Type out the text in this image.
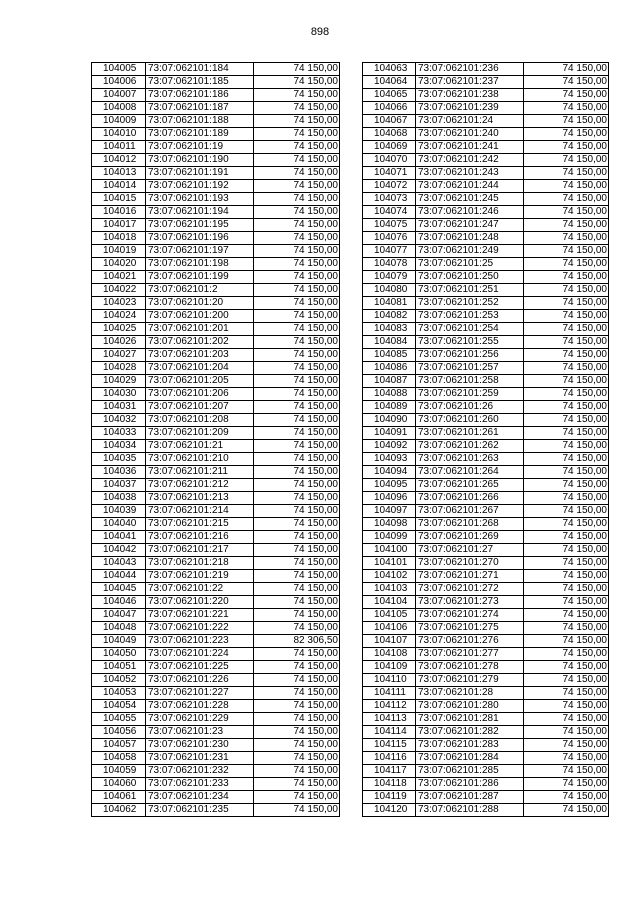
898
104005	73:07:062101:184	74 150,00
104006	73:07:062101:185	74 150,00
104007	73:07:062101:186	74 150,00
104008	73:07:062101:187	74 150,00
104009	73:07:062101:188	74 150,00
104010	73:07:062101:189	74 150,00
104011	73:07:062101:19	74 150,00
104012	73:07:062101:190	74 150,00
104013	73:07:062101:191	74 150,00
104014	73:07:062101:192	74 150,00
104015	73:07:062101:193	74 150,00
104016	73:07:062101:194	74 150,00
104017	73:07:062101:195	74 150,00
104018	73:07:062101:196	74 150,00
104019	73:07:062101:197	74 150,00
104020	73:07:062101:198	74 150,00
104021	73:07:062101:199	74 150,00
104022	73:07:062101:2	74 150,00
104023	73:07:062101:20	74 150,00
104024	73:07:062101:200	74 150,00
104025	73:07:062101:201	74 150,00
104026	73:07:062101:202	74 150,00
104027	73:07:062101:203	74 150,00
104028	73:07:062101:204	74 150,00
104029	73:07:062101:205	74 150,00
104030	73:07:062101:206	74 150,00
104031	73:07:062101:207	74 150,00
104032	73:07:062101:208	74 150,00
104033	73:07:062101:209	74 150,00
104034	73:07:062101:21	74 150,00
104035	73:07:062101:210	74 150,00
104036	73:07:062101:211	74 150,00
104037	73:07:062101:212	74 150,00
104038	73:07:062101:213	74 150,00
104039	73:07:062101:214	74 150,00
104040	73:07:062101:215	74 150,00
104041	73:07:062101:216	74 150,00
104042	73:07:062101:217	74 150,00
104043	73:07:062101:218	74 150,00
104044	73:07:062101:219	74 150,00
104045	73:07:062101:22	74 150,00
104046	73:07:062101:220	74 150,00
104047	73:07:062101:221	74 150,00
104048	73:07:062101:222	74 150,00
104049	73:07:062101:223	82 306,50
104050	73:07:062101:224	74 150,00
104051	73:07:062101:225	74 150,00
104052	73:07:062101:226	74 150,00
104053	73:07:062101:227	74 150,00
104054	73:07:062101:228	74 150,00
104055	73:07:062101:229	74 150,00
104056	73:07:062101:23	74 150,00
104057	73:07:062101:230	74 150,00
104058	73:07:062101:231	74 150,00
104059	73:07:062101:232	74 150,00
104060	73:07:062101:233	74 150,00
104061	73:07:062101:234	74 150,00
104062	73:07:062101:235	74 150,00
104063	73:07:062101:236	74 150,00
104064	73:07:062101:237	74 150,00
104065	73:07:062101:238	74 150,00
104066	73:07:062101:239	74 150,00
104067	73:07:062101:24	74 150,00
104068	73:07:062101:240	74 150,00
104069	73:07:062101:241	74 150,00
104070	73:07:062101:242	74 150,00
104071	73:07:062101:243	74 150,00
104072	73:07:062101:244	74 150,00
104073	73:07:062101:245	74 150,00
104074	73:07:062101:246	74 150,00
104075	73:07:062101:247	74 150,00
104076	73:07:062101:248	74 150,00
104077	73:07:062101:249	74 150,00
104078	73:07:062101:25	74 150,00
104079	73:07:062101:250	74 150,00
104080	73:07:062101:251	74 150,00
104081	73:07:062101:252	74 150,00
104082	73:07:062101:253	74 150,00
104083	73:07:062101:254	74 150,00
104084	73:07:062101:255	74 150,00
104085	73:07:062101:256	74 150,00
104086	73:07:062101:257	74 150,00
104087	73:07:062101:258	74 150,00
104088	73:07:062101:259	74 150,00
104089	73:07:062101:26	74 150,00
104090	73:07:062101:260	74 150,00
104091	73:07:062101:261	74 150,00
104092	73:07:062101:262	74 150,00
104093	73:07:062101:263	74 150,00
104094	73:07:062101:264	74 150,00
104095	73:07:062101:265	74 150,00
104096	73:07:062101:266	74 150,00
104097	73:07:062101:267	74 150,00
104098	73:07:062101:268	74 150,00
104099	73:07:062101:269	74 150,00
104100	73:07:062101:27	74 150,00
104101	73:07:062101:270	74 150,00
104102	73:07:062101:271	74 150,00
104103	73:07:062101:272	74 150,00
104104	73:07:062101:273	74 150,00
104105	73:07:062101:274	74 150,00
104106	73:07:062101:275	74 150,00
104107	73:07:062101:276	74 150,00
104108	73:07:062101:277	74 150,00
104109	73:07:062101:278	74 150,00
104110	73:07:062101:279	74 150,00
104111	73:07:062101:28	74 150,00
104112	73:07:062101:280	74 150,00
104113	73:07:062101:281	74 150,00
104114	73:07:062101:282	74 150,00
104115	73:07:062101:283	74 150,00
104116	73:07:062101:284	74 150,00
104117	73:07:062101:285	74 150,00
104118	73:07:062101:286	74 150,00
104119	73:07:062101:287	74 150,00
104120	73:07:062101:288	74 150,00
